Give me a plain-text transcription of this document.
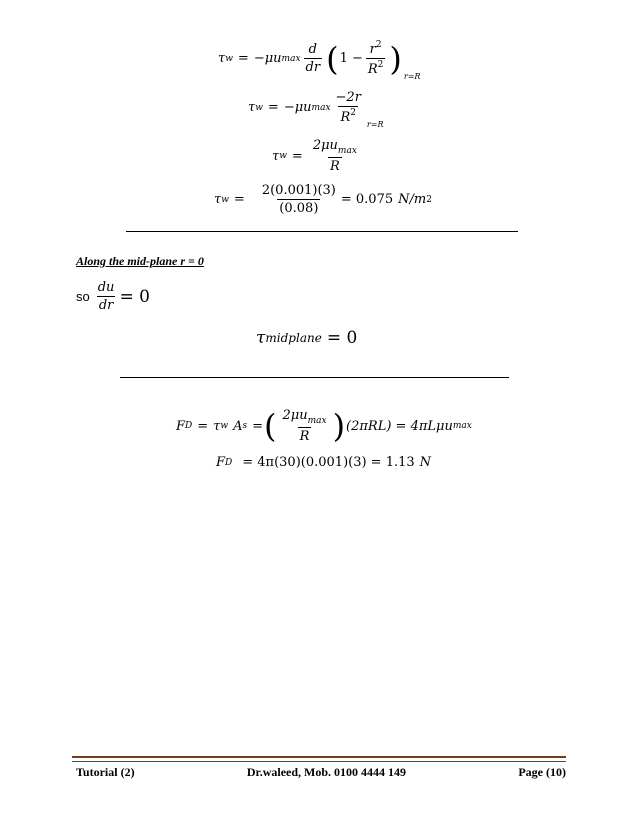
τ w = −μu $\max \frac{d}{dr}$ ( $1 - \frac{r^2}{R^2}$ ) r=R
τ w = −μu $\max \frac{-2r}{R^2} r=R$
τ $w = \frac{2\mu u_{max}}{R}$
τ $w = \frac{2(0.001)(3)}{(0.08)} = 0.075$ N/m 2
Along the mid-plane r = 0
so $\frac{du}{dr} = 0$
τ midplane = 0
F D = τ w A s = ( $\frac{2\mu u_{max}}{R}$ ) (2πRL) = 4πLμu max
F D = 4π(30)(0.001)(3) = 1.13 N
Tutorial (2)	Dr.waleed, Mob. 0100 4444 149	Page (10)
